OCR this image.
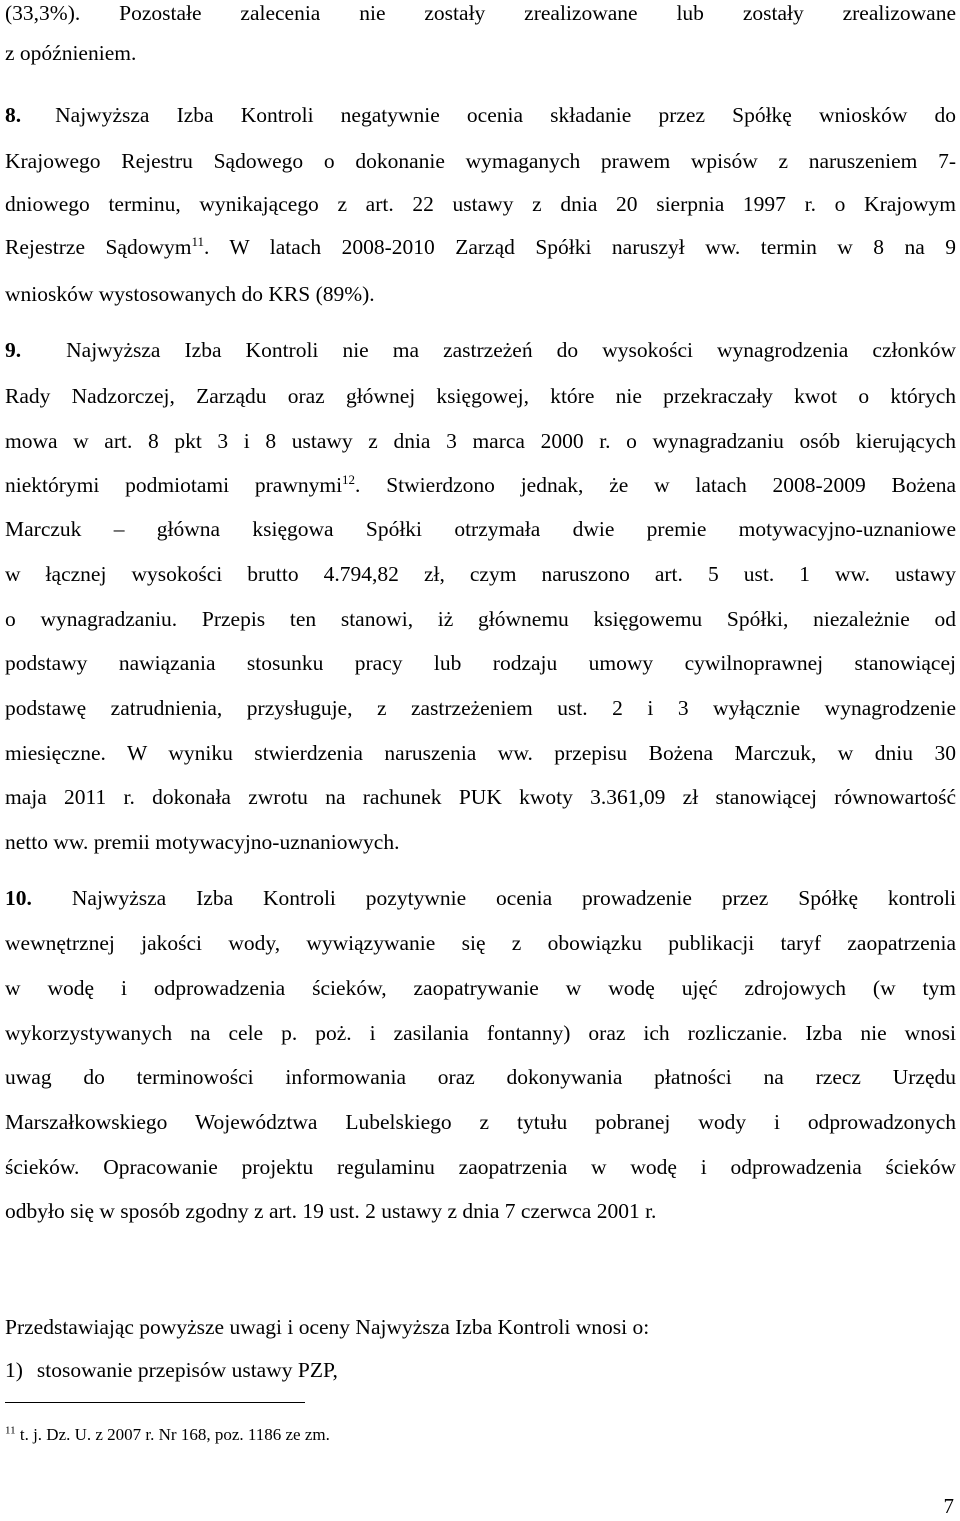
(33,3%). Pozostałe zalecenia nie zostały zrealizowane lub zostały zrealizowane
z opóźnieniem.
8. Najwyższa Izba Kontroli negatywnie ocenia składanie przez Spółkę wniosków do
Krajowego Rejestru Sądowego o dokonanie wymaganych prawem wpisów z naruszeniem 7-
dniowego terminu, wynikającego z art. 22 ustawy z dnia 20 sierpnia 1997 r. o Krajowym
Rejestrze Sądowym$^{11}$. W latach 2008-2010 Zarząd Spółki naruszył ww. termin w 8 na 9
wniosków wystosowanych do KRS (89%).
9. Najwyższa Izba Kontroli nie ma zastrzeżeń do wysokości wynagrodzenia członków
Rady Nadzorczej, Zarządu oraz głównej księgowej, które nie przekraczały kwot o których
mowa w art. 8 pkt 3 i 8 ustawy z dnia 3 marca 2000 r. o wynagradzaniu osób kierujących
niektórymi podmiotami prawnymi$^{12}$. Stwierdzono jednak, że w latach 2008-2009 Bożena
Marczuk – główna księgowa Spółki otrzymała dwie premie motywacyjno-uznaniowe
w łącznej wysokości brutto 4.794,82 zł, czym naruszono art. 5 ust. 1 ww. ustawy
o wynagradzaniu. Przepis ten stanowi, iż głównemu księgowemu Spółki, niezależnie od
podstawy nawiązania stosunku pracy lub rodzaju umowy cywilnoprawnej stanowiącej
podstawę zatrudnienia, przysługuje, z zastrzeżeniem ust. 2 i 3 wyłącznie wynagrodzenie
miesięczne. W wyniku stwierdzenia naruszenia ww. przepisu Bożena Marczuk, w dniu 30
maja 2011 r. dokonała zwrotu na rachunek PUK kwoty 3.361,09 zł stanowiącej równowartość
netto ww. premii motywacyjno-uznaniowych.
10. Najwyższa Izba Kontroli pozytywnie ocenia prowadzenie przez Spółkę kontroli
wewnętrznej jakości wody, wywiązywanie się z obowiązku publikacji taryf zaopatrzenia
w wodę i odprowadzenia ścieków, zaopatrywanie w wodę ujęć zdrojowych (w tym
wykorzystywanych na cele p. poż. i zasilania fontanny) oraz ich rozliczanie. Izba nie wnosi
uwag do terminowości informowania oraz dokonywania płatności na rzecz Urzędu
Marszałkowskiego Województwa Lubelskiego z tytułu pobranej wody i odprowadzonych
ścieków. Opracowanie projektu regulaminu zaopatrzenia w wodę i odprowadzenia ścieków
odbyło się w sposób zgodny z art. 19 ust. 2 ustawy z dnia 7 czerwca 2001 r.
Przedstawiając powyższe uwagi i oceny Najwyższa Izba Kontroli wnosi o:
1) stosowanie przepisów ustawy PZP,
$^{11}$ t. j. Dz. U. z 2007 r. Nr 168, poz. 1186 ze zm.
7
